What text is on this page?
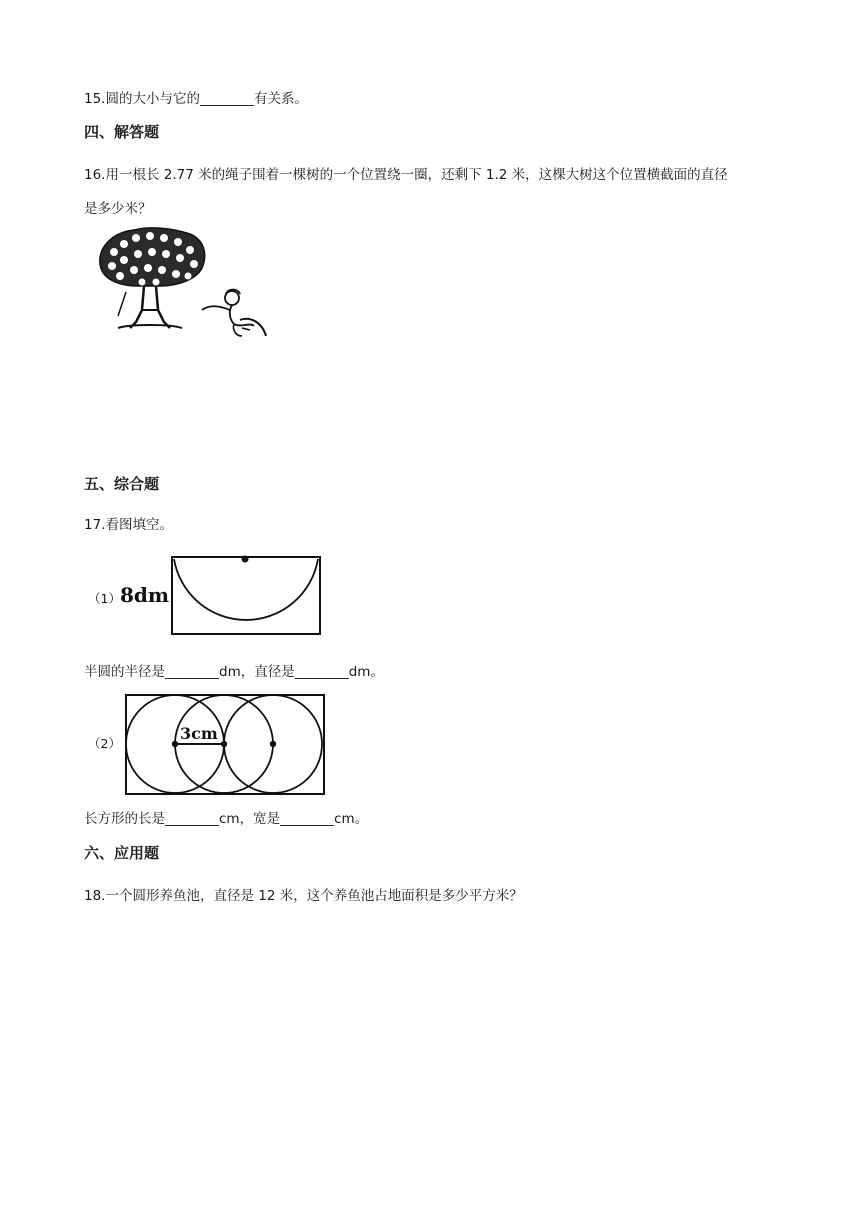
15.圆的大小与它的________有关系。
四、解答题
16.用一根长 2.77 米的绳子围着一棵树的一个位置绕一圈，还剩下 1.2 米，这棵大树这个位置横截面的直径
是多少米？
五、综合题
17.看图填空。
（1） 8dm
半圆的半径是________dm，直径是________dm。
（2）
3cm
长方形的长是________cm，宽是________cm。
六、应用题
18.一个圆形养鱼池，直径是 12 米，这个养鱼池占地面积是多少平方米？
